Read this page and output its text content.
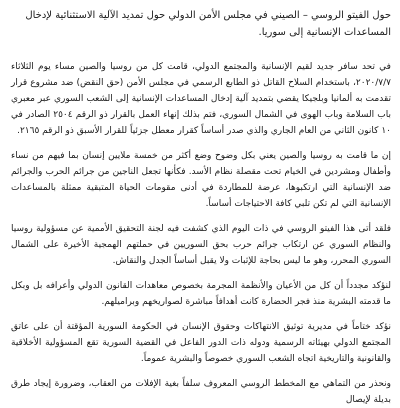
حول الفيتو الروسي – الصيني في مجلس الأمن الدولي حول تمديد الآلية الاستثنائية لإدخال المساعدات الإنسانية إلى سوريا.

في تحد سافر جديد لقيم الإنسانية والمجتمع الدولي، قامت كل من روسيا والصين مساء يوم الثلاثاء ٢٠٢٠/٧/٧، باستخدام السلاح القاتل ذو الطابع الرسمي في مجلس الأمن (حق النقض) ضد مشروع قرار تقدمت به ألمانيا وبلجيكا يقضي بتمديد آلية إدخال المساعدات الإنسانية إلى الشعب السوري عبر معبري باب السلامة وباب الهوى في الشمال السوري، فتم بذلك إنهاء العمل بالقرار ذو الرقم ٢٥٠٤ الصادر في ١٠ كانون الثاني من العام الجاري والذي صدر أساساً كقرار معطل جزئياً للقرار الأسبق ذو الرقم ٢١٦٥.

إن ما قامت به روسيا والصين يعني بكل وضوح وضع أكثر من خمسة ملايين إنسان بما فيهم من نساء وأطفال ومشردين في الخيام تحت مقصلة نظام الأسد. فكأنها تجعل الناجين من جرائم الحرب والجرائم ضد الإنسانية التي ارتكبوها، عرضة للمطاردة في أدنى مقومات الحياة المتبقية ممثلة بالمساعدات الإنسانية التي لم تكن تلبي كافة الاحتياجات أساساً.

فلقد أتى هذا الفيتو الروسي في ذات اليوم الذي كشفت فيه لجنة التحقيق الأممية عن مسؤولية روسيا والنظام السوري عن ارتكاب جرائم حرب بحق السوريين في حملتهم الهمجية الأخيرة على الشمال السوري المحرر، وهو ما ليس بحاجة للإثبات ولا يقبل أساساً الجدل والنقاش.

لنؤكد مجدداً أن كل من الأعيان والأنظمة المجرمة بخصوص معاهدات القانون الدولي وأعرافه بل وبكل ما قدمته البشرية منذ فجر الحضارة كانت أهدافاً مباشرة لصواريخهم وبراميلهم.

نؤكد ختاماً في مديرية توثيق الانتهاكات وحقوق الإنسان في الحكومة السورية المؤقتة أن على عاتق المجتمع الدولي بهيئاته الرسمية ودوله ذات الدور الفاعل في القضية السورية تقع المسؤولية الأخلاقية والقانونية والتاريخية اتجاه الشعب السوري خصوصاً والبشرية عموماً.

ونحذر من التماهي مع المخطط الروسي المعروف سلفاً بغية الإفلات من العقاب، وضرورة إيجاد طرق بديلة لإيصال
